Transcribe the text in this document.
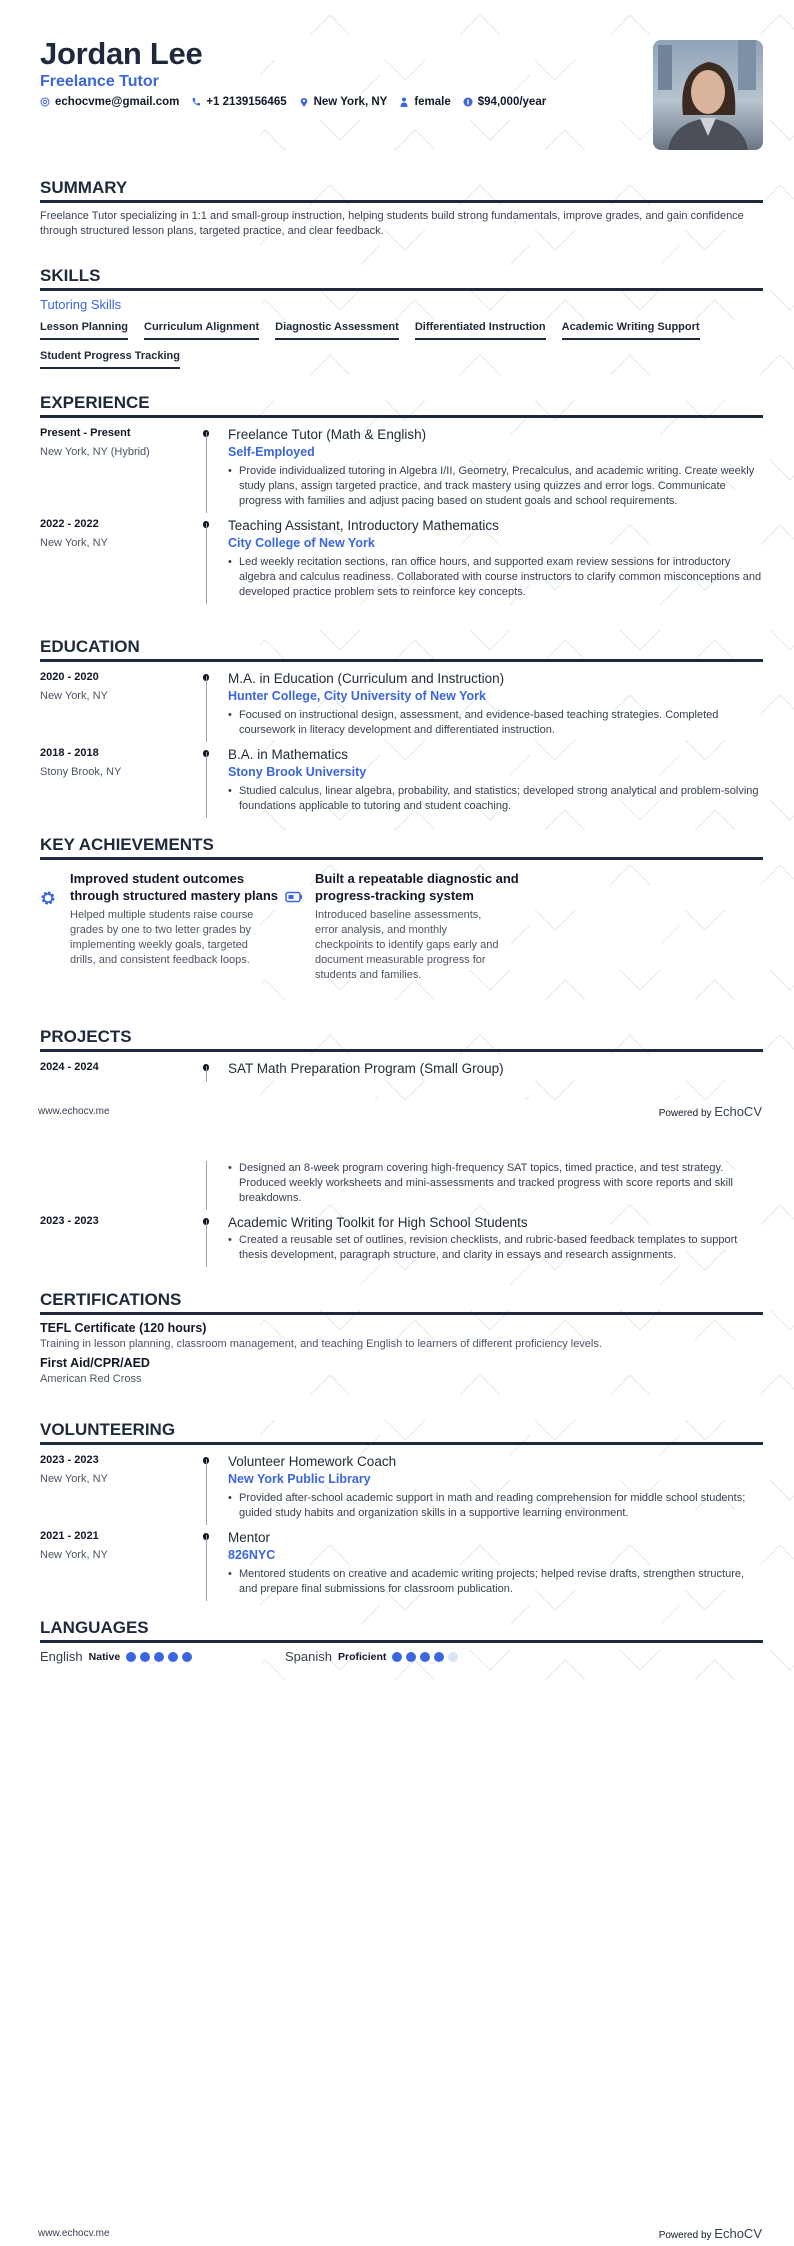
Jordan Lee
Freelance Tutor
echocvme@gmail.com +1 2139156465 New York, NY female $94,000/year
SUMMARY
Freelance Tutor specializing in 1:1 and small-group instruction, helping students build strong fundamentals, improve grades, and gain confidence through structured lesson plans, targeted practice, and clear feedback.
SKILLS
Tutoring Skills
Lesson Planning Curriculum Alignment Diagnostic Assessment Differentiated Instruction Academic Writing Support
Student Progress Tracking
EXPERIENCE
Present - Present
New York, NY (Hybrid)
Freelance Tutor (Math & English)
Self-Employed
• Provide individualized tutoring in Algebra I/II, Geometry, Precalculus, and academic writing. Create weekly study plans, assign targeted practice, and track mastery using quizzes and error logs. Communicate progress with families and adjust pacing based on student goals and school requirements.
2022 - 2022
New York, NY
Teaching Assistant, Introductory Mathematics
City College of New York
• Led weekly recitation sections, ran office hours, and supported exam review sessions for introductory algebra and calculus readiness. Collaborated with course instructors to clarify common misconceptions and developed practice problem sets to reinforce key concepts.
EDUCATION
2020 - 2020
New York, NY
M.A. in Education (Curriculum and Instruction)
Hunter College, City University of New York
• Focused on instructional design, assessment, and evidence-based teaching strategies. Completed coursework in literacy development and differentiated instruction.
2018 - 2018
Stony Brook, NY
B.A. in Mathematics
Stony Brook University
• Studied calculus, linear algebra, probability, and statistics; developed strong analytical and problem-solving foundations applicable to tutoring and student coaching.
KEY ACHIEVEMENTS
Improved student outcomes through structured mastery plans
Helped multiple students raise course grades by one to two letter grades by implementing weekly goals, targeted drills, and consistent feedback loops.
Built a repeatable diagnostic and progress-tracking system
Introduced baseline assessments, error analysis, and monthly checkpoints to identify gaps early and document measurable progress for students and families.
PROJECTS
2024 - 2024	SAT Math Preparation Program (Small Group)
www.echocv.me	Powered by EchoCV
• Designed an 8-week program covering high-frequency SAT topics, timed practice, and test strategy. Produced weekly worksheets and mini-assessments and tracked progress with score reports and skill breakdowns.
2023 - 2023	Academic Writing Toolkit for High School Students
• Created a reusable set of outlines, revision checklists, and rubric-based feedback templates to support thesis development, paragraph structure, and clarity in essays and research assignments.
CERTIFICATIONS
TEFL Certificate (120 hours)
Training in lesson planning, classroom management, and teaching English to learners of different proficiency levels.
First Aid/CPR/AED
American Red Cross
VOLUNTEERING
2023 - 2023
New York, NY
Volunteer Homework Coach
New York Public Library
• Provided after-school academic support in math and reading comprehension for middle school students; guided study habits and organization skills in a supportive learning environment.
2021 - 2021
New York, NY
Mentor
826NYC
• Mentored students on creative and academic writing projects; helped revise drafts, strengthen structure, and prepare final submissions for classroom publication.
LANGUAGES
English Native	Spanish Proficient
www.echocv.me	Powered by EchoCV
